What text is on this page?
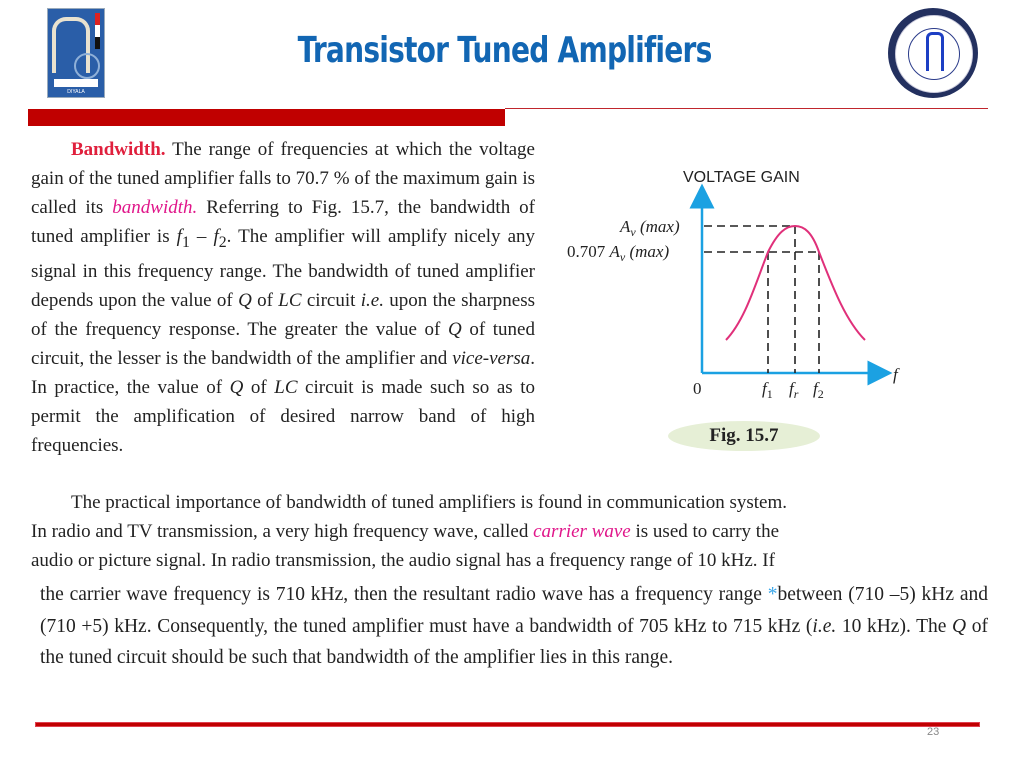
UNIVERSITY OF DIYALA
Transistor Tuned Amplifiers
Bandwidth. The range of frequencies at which the voltage gain of the tuned amplifier falls to 70.7 % of the maximum gain is called its bandwidth. Referring to Fig. 15.7, the bandwidth of tuned amplifier is $f_1 - f_2$. The amplifier will amplify nicely any signal in this frequency range. The bandwidth of tuned amplifier depends upon the value of Q of LC circuit i.e. upon the sharpness of the frequency response. The greater the value of Q of tuned circuit, the lesser is the bandwidth of the amplifier and vice-versa. In practice, the value of Q of LC circuit is made such so as to permit the amplification of desired narrow band of high frequencies.
VOLTAGE GAIN
$A_v$ (max)
0.707 $A_v$ (max)
0	$f_1$ $f_r$ $f_2$
f
Fig. 15.7
The practical importance of bandwidth of tuned amplifiers is found in communication system.
In radio and TV transmission, a very high frequency wave, called carrier wave is used to carry the
audio or picture signal. In radio transmission, the audio signal has a frequency range of 10 kHz. If
the carrier wave frequency is 710 kHz, then the resultant radio wave has a frequency range *between (710 –5) kHz and (710 +5) kHz. Consequently, the tuned amplifier must have a bandwidth of 705 kHz to 715 kHz (i.e. 10 kHz). The Q of the tuned circuit should be such that bandwidth of the amplifier lies in this range.
23
